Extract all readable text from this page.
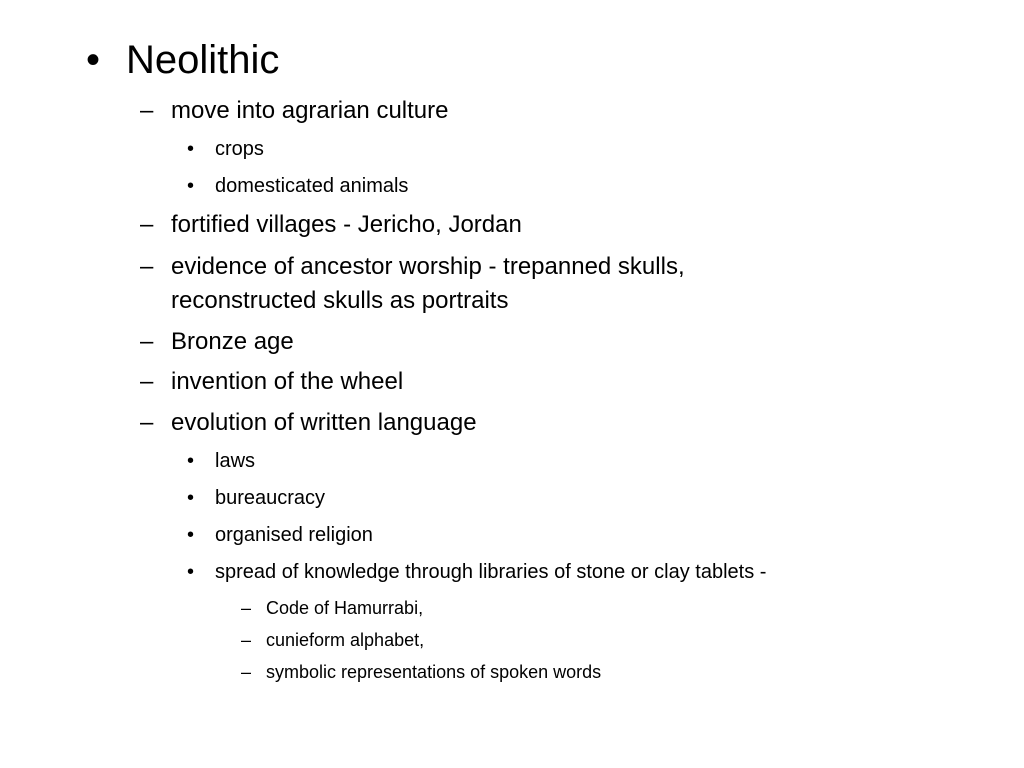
• Neolithic
– move into agrarian culture
•	crops
•	domesticated animals
– fortified villages - Jericho, Jordan
– evidence of ancestor worship - trepanned skulls,
reconstructed skulls as portraits
– Bronze age
– invention of the wheel
– evolution of written language
•	laws
•	bureaucracy
•	organised religion
•	spread of knowledge through libraries of stone or clay tablets -
– Code of Hamurrabi,
– cunieform alphabet,
– symbolic representations of spoken words
